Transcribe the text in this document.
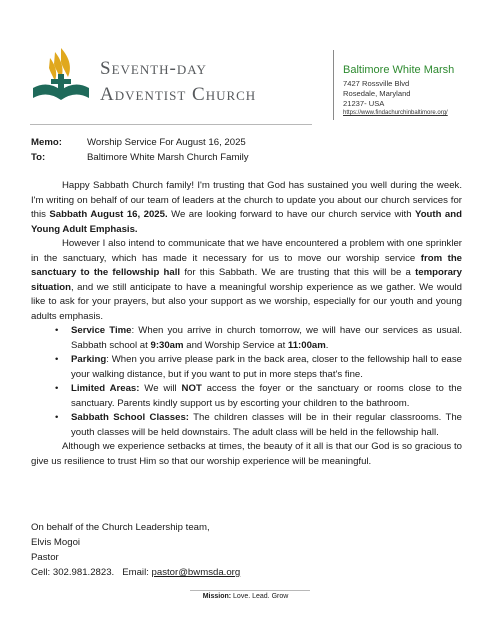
Seventh-day
Adventist Church
Baltimore White Marsh
7427 Rossville Blvd
Rosedale, Maryland
21237- USA
https://www.findachurchinbaltimore.org/
Memo:	Worship Service For August 16, 2025
To:	Baltimore White Marsh Church Family

Happy Sabbath Church family! I'm trusting that God has sustained you well during the week. I'm writing on behalf of our team of leaders at the church to update you about our church services for this Sabbath August 16, 2025. We are looking forward to have our church service with Youth and Young Adult Emphasis.

However I also intend to communicate that we have encountered a problem with one sprinkler in the sanctuary, which has made it necessary for us to move our worship service from the sanctuary to the fellowship hall for this Sabbath. We are trusting that this will be a temporary situation, and we still anticipate to have a meaningful worship experience as we gather. We would like to ask for your prayers, but also your support as we worship, especially for our youth and young adults emphasis.

• Service Time: When you arrive in church tomorrow, we will have our services as usual. Sabbath school at 9:30am and Worship Service at 11:00am.
• Parking: When you arrive please park in the back area, closer to the fellowship hall to ease your walking distance, but if you want to put in more steps that's fine.
• Limited Areas: We will NOT access the foyer or the sanctuary or rooms close to the sanctuary. Parents kindly support us by escorting your children to the bathroom.
• Sabbath School Classes: The children classes will be in their regular classrooms. The youth classes will be held downstairs. The adult class will be held in the fellowship hall.

Although we experience setbacks at times, the beauty of it all is that our God is so gracious to give us resilience to trust Him so that our worship experience will be meaningful.

On behalf of the Church Leadership team,
Elvis Mogoi
Pastor
Cell: 302.981.2823.   Email: pastor@bwmsda.org
Mission: Love. Lead. Grow
